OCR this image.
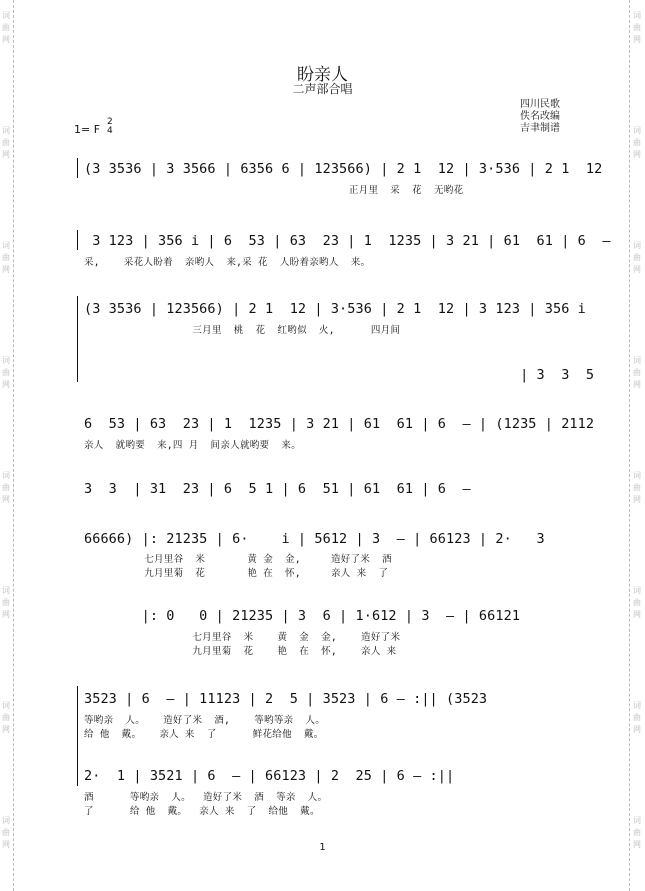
词
曲
网
词
曲
网
词
曲
网
词
曲
网
词
曲
网
词
曲
网
词
曲
网
词
曲
网
词
曲
网
词
曲
网
词
曲
网
词
曲
网
词
曲
网
词
曲
网
词
曲
网
词
曲
网
盼亲人
二声部合唱
四川民歌
佚名改编
吉聿制谱
1= F
2
4
(3 3536 | 3 3566 | 6356 6 | 123566) | 2 1  12 | 3·536 | 2 1  12
正月里  采  花  无哟花
3 123 | 356 i | 6  53 | 63  23 | 1  1235 | 3 21 | 61  61 | 6  —
采,    采花人盼着  亲哟人  来,采 花  人盼着亲哟人  来。
(3 3536 | 123566) | 2 1  12 | 3·536 | 2 1  12 | 3 123 | 356 i
三月里  桃  花  红哟似  火,      四月间
| 3  3  5
6  53 | 63  23 | 1  1235 | 3 21 | 61  61 | 6  — | (1235 | 2112
亲人  就哟要  来,四 月  间亲人就哟要  来。
3  3  | 31  23 | 6  5 1 | 6  51 | 61  61 | 6  —
66666) |: 21235 | 6·    i | 5612 | 3  — | 66123 | 2·   3
七月里谷  米       黄 金  金,     造好了米  酒
九月里菊  花       艳 在  怀,     亲人 来  了
|: 0   0 | 21235 | 3  6 | 1·612 | 3  — | 66121
七月里谷  米    黄  金  金,    造好了米
九月里菊  花    艳  在  怀,    亲人 来
3523 | 6  — | 11123 | 2  5 | 3523 | 6 — :|| (3523
等哟亲  人。   造好了米  酒,    等哟等亲  人。
给 他  戴。   亲人 来  了      鲜花给他  戴。
2·  1 | 3521 | 6  — | 66123 | 2  25 | 6 — :||
酒      等哟亲  人。  造好了米  酒  等亲  人。
了      给 他  戴。  亲人 来  了  给他  戴。
1
